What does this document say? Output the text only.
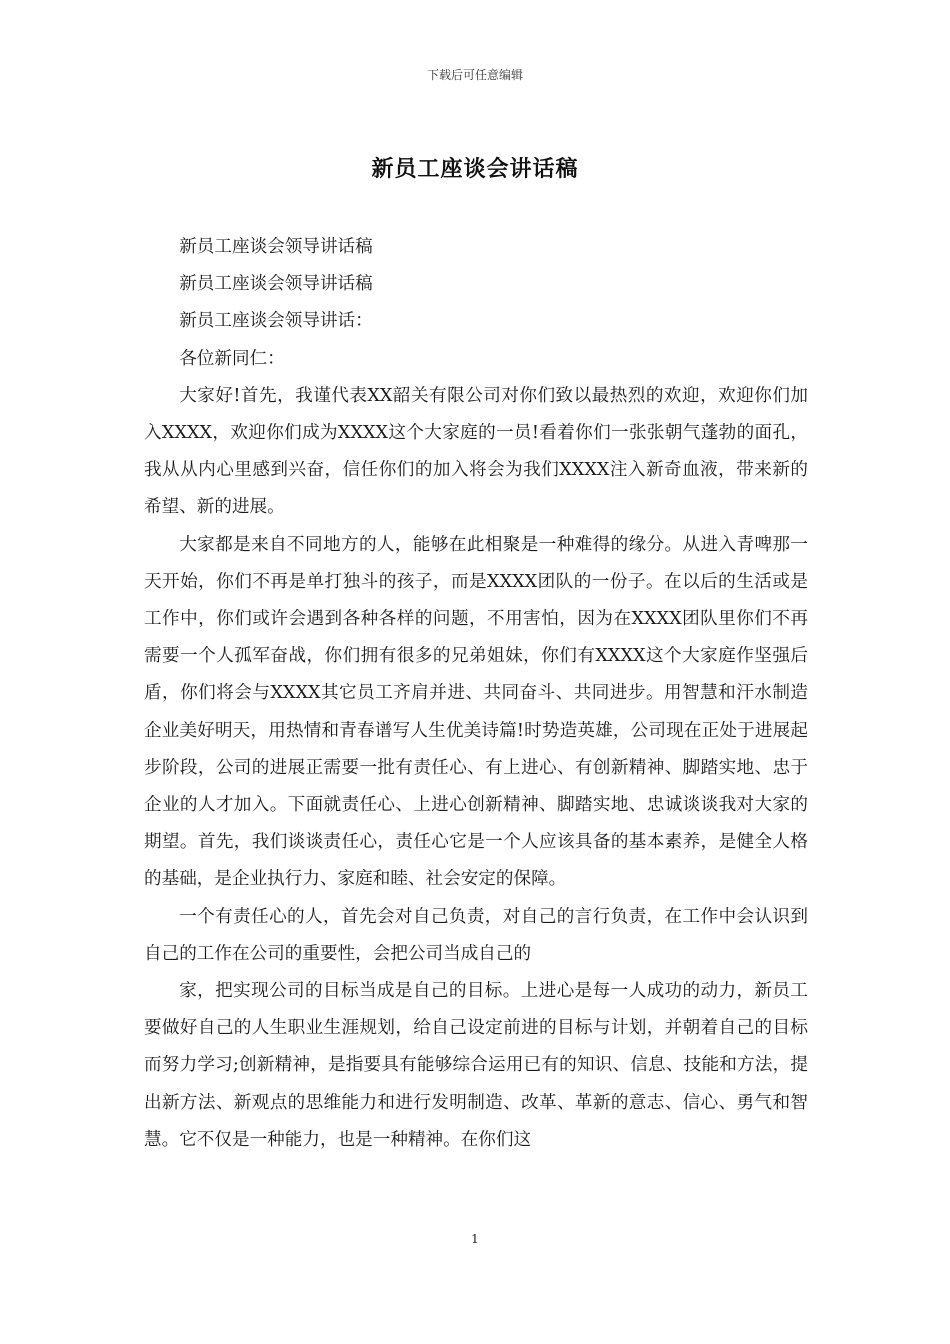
下载后可任意编辑
新员工座谈会讲话稿

新员工座谈会领导讲话稿

新员工座谈会领导讲话稿

新员工座谈会领导讲话：

各位新同仁：

大家好!首先，我谨代表XX韶关有限公司对你们致以最热烈的欢迎，欢迎你们加入XXXX，欢迎你们成为XXXX这个大家庭的一员!看着你们一张张朝气蓬勃的面孔，我从从内心里感到兴奋，信任你们的加入将会为我们XXXX注入新奇血液，带来新的希望、新的进展。

大家都是来自不同地方的人，能够在此相聚是一种难得的缘分。从进入青啤那一天开始，你们不再是单打独斗的孩子，而是XXXX团队的一份子。在以后的生活或是工作中，你们或许会遇到各种各样的问题，不用害怕，因为在XXXX团队里你们不再需要一个人孤军奋战，你们拥有很多的兄弟姐妹，你们有XXXX这个大家庭作坚强后盾，你们将会与XXXX其它员工齐肩并进、共同奋斗、共同进步。用智慧和汗水制造企业美好明天，用热情和青春谱写人生优美诗篇!时势造英雄，公司现在正处于进展起步阶段，公司的进展正需要一批有责任心、有上进心、有创新精神、脚踏实地、忠于企业的人才加入。下面就责任心、上进心创新精神、脚踏实地、忠诚谈谈我对大家的期望。首先，我们谈谈责任心，责任心它是一个人应该具备的基本素养，是健全人格的基础，是企业执行力、家庭和睦、社会安定的保障。

一个有责任心的人，首先会对自己负责，对自己的言行负责，在工作中会认识到自己的工作在公司的重要性，会把公司当成自己的

家，把实现公司的目标当成是自己的目标。上进心是每一人成功的动力，新员工要做好自己的人生职业生涯规划，给自己设定前进的目标与计划，并朝着自己的目标而努力学习;创新精神，是指要具有能够综合运用已有的知识、信息、技能和方法，提出新方法、新观点的思维能力和进行发明制造、改革、革新的意志、信心、勇气和智慧。它不仅是一种能力，也是一种精神。在你们这

1
